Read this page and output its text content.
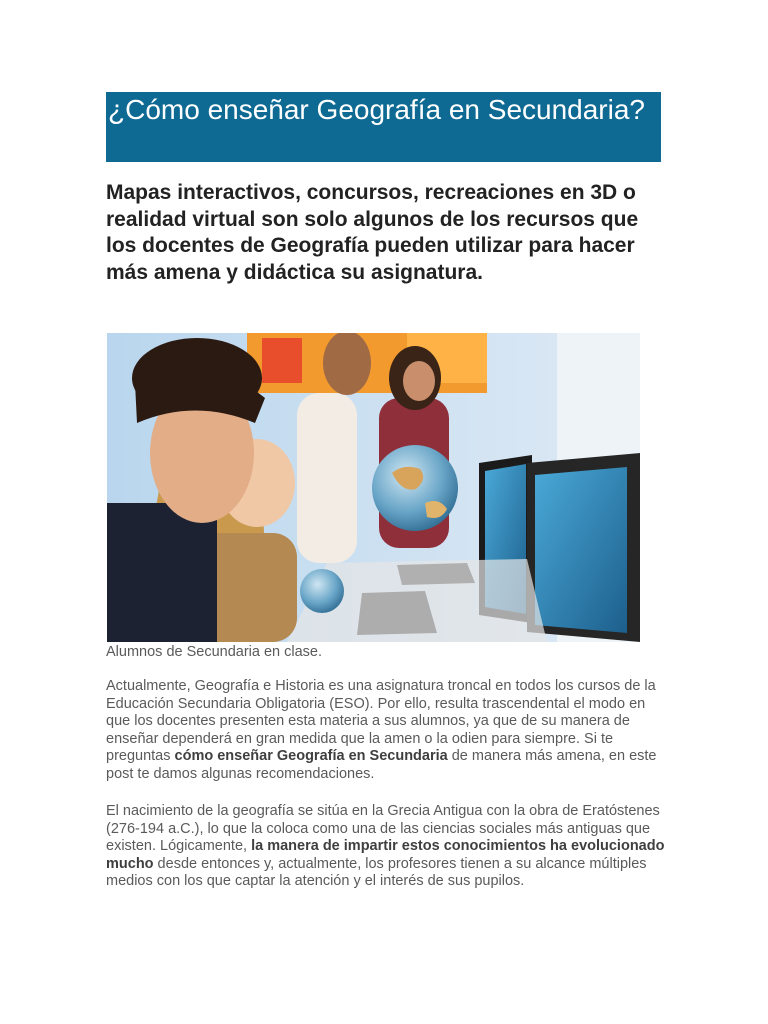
¿Cómo enseñar Geografía en Secundaria?
Mapas interactivos, concursos, recreaciones en 3D o realidad virtual son solo algunos de los recursos que los docentes de Geografía pueden utilizar para hacer más amena y didáctica su asignatura.
Alumnos de Secundaria en clase.
Actualmente, Geografía e Historia es una asignatura troncal en todos los cursos de la Educación Secundaria Obligatoria (ESO). Por ello, resulta trascendental el modo en que los docentes presenten esta materia a sus alumnos, ya que de su manera de enseñar dependerá en gran medida que la amen o la odien para siempre. Si te preguntas cómo enseñar Geografía en Secundaria de manera más amena, en este post te damos algunas recomendaciones.
El nacimiento de la geografía se sitúa en la Grecia Antigua con la obra de Eratóstenes (276-194 a.C.), lo que la coloca como una de las ciencias sociales más antiguas que existen. Lógicamente, la manera de impartir estos conocimientos ha evolucionado mucho desde entonces y, actualmente, los profesores tienen a su alcance múltiples medios con los que captar la atención y el interés de sus pupilos.
